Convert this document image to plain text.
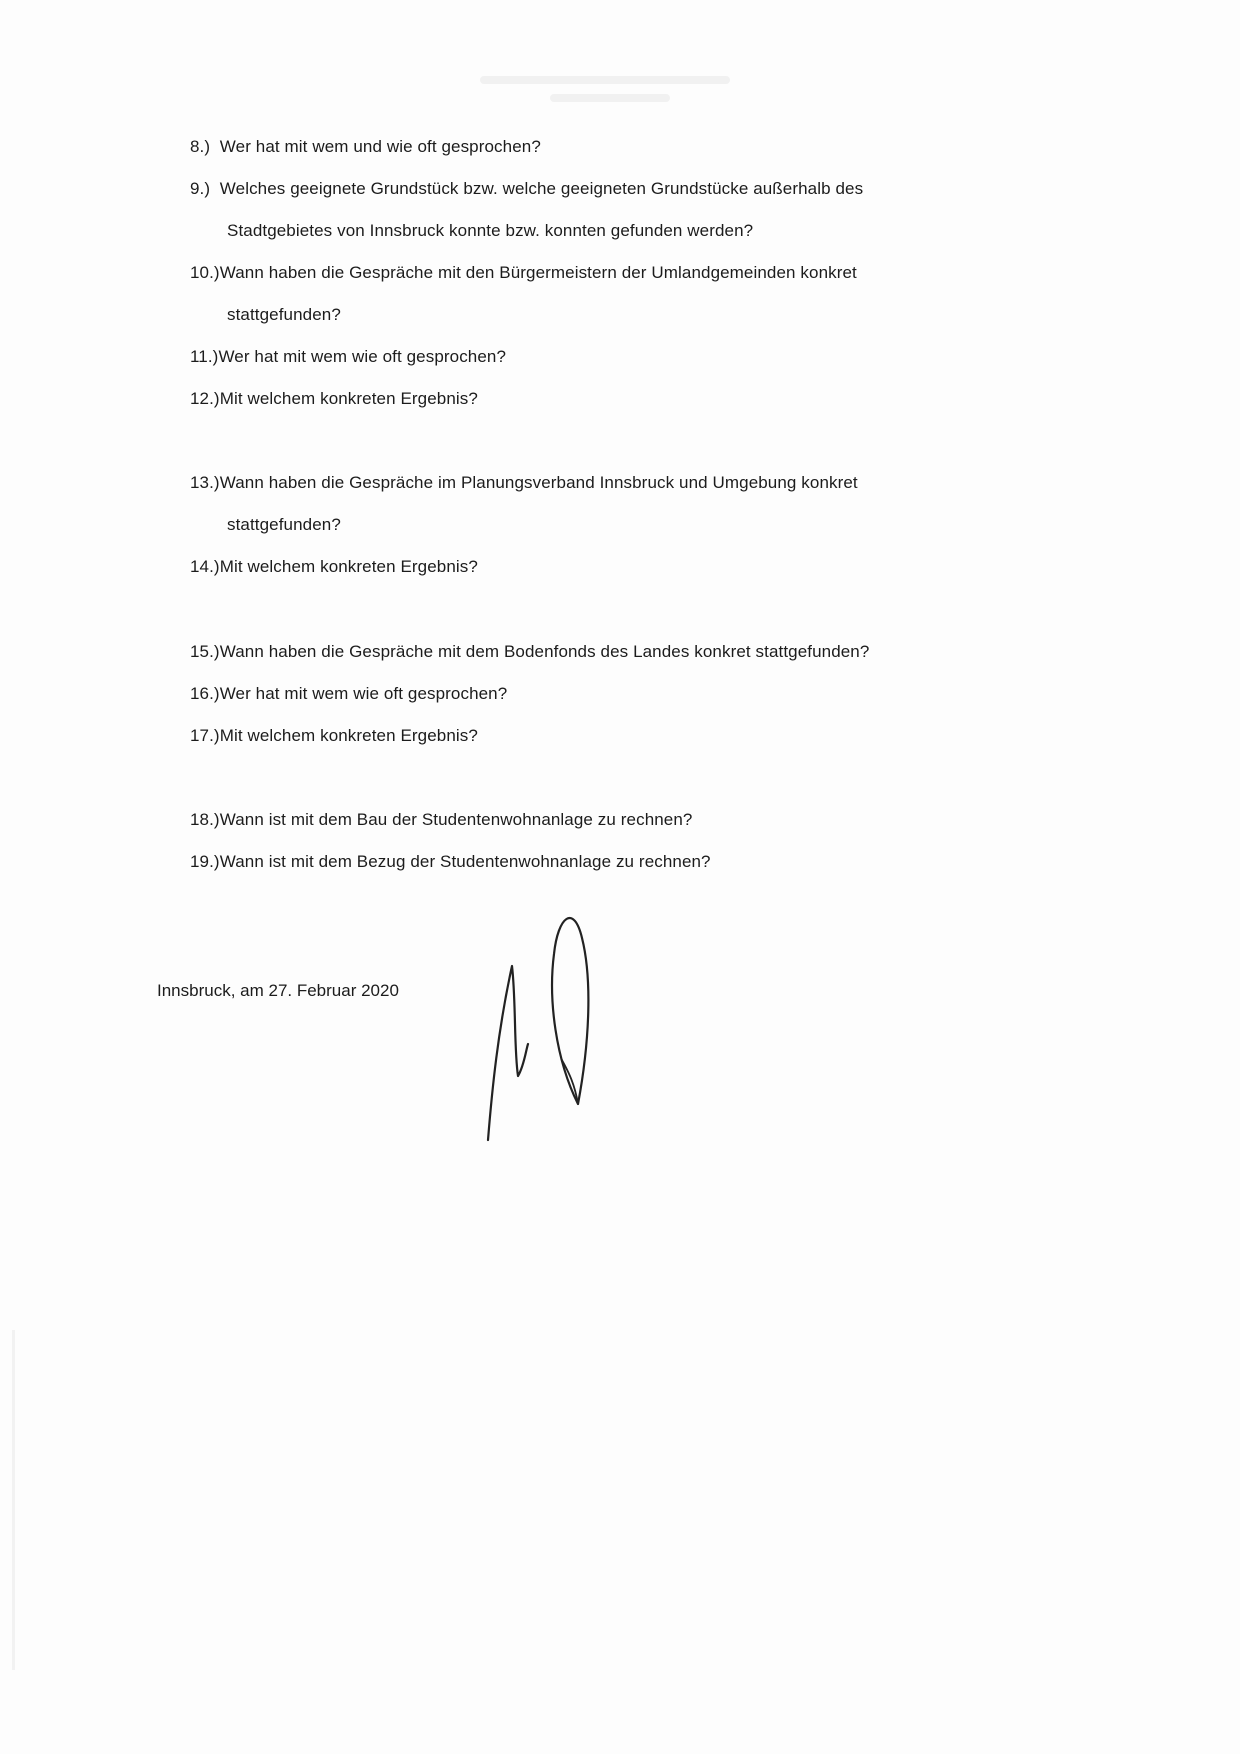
8.) Wer hat mit wem und wie oft gesprochen?
9.) Welches geeignete Grundstück bzw. welche geeigneten Grundstücke außerhalb des
Stadtgebietes von Innsbruck konnte bzw. konnten gefunden werden?
10.)Wann haben die Gespräche mit den Bürgermeistern der Umlandgemeinden konkret
stattgefunden?
11.)Wer hat mit wem wie oft gesprochen?
12.)Mit welchem konkreten Ergebnis?
13.)Wann haben die Gespräche im Planungsverband Innsbruck und Umgebung konkret
stattgefunden?
14.)Mit welchem konkreten Ergebnis?
15.)Wann haben die Gespräche mit dem Bodenfonds des Landes konkret stattgefunden?
16.)Wer hat mit wem wie oft gesprochen?
17.)Mit welchem konkreten Ergebnis?
18.)Wann ist mit dem Bau der Studentenwohnanlage zu rechnen?
19.)Wann ist mit dem Bezug der Studentenwohnanlage zu rechnen?
Innsbruck, am 27. Februar 2020
